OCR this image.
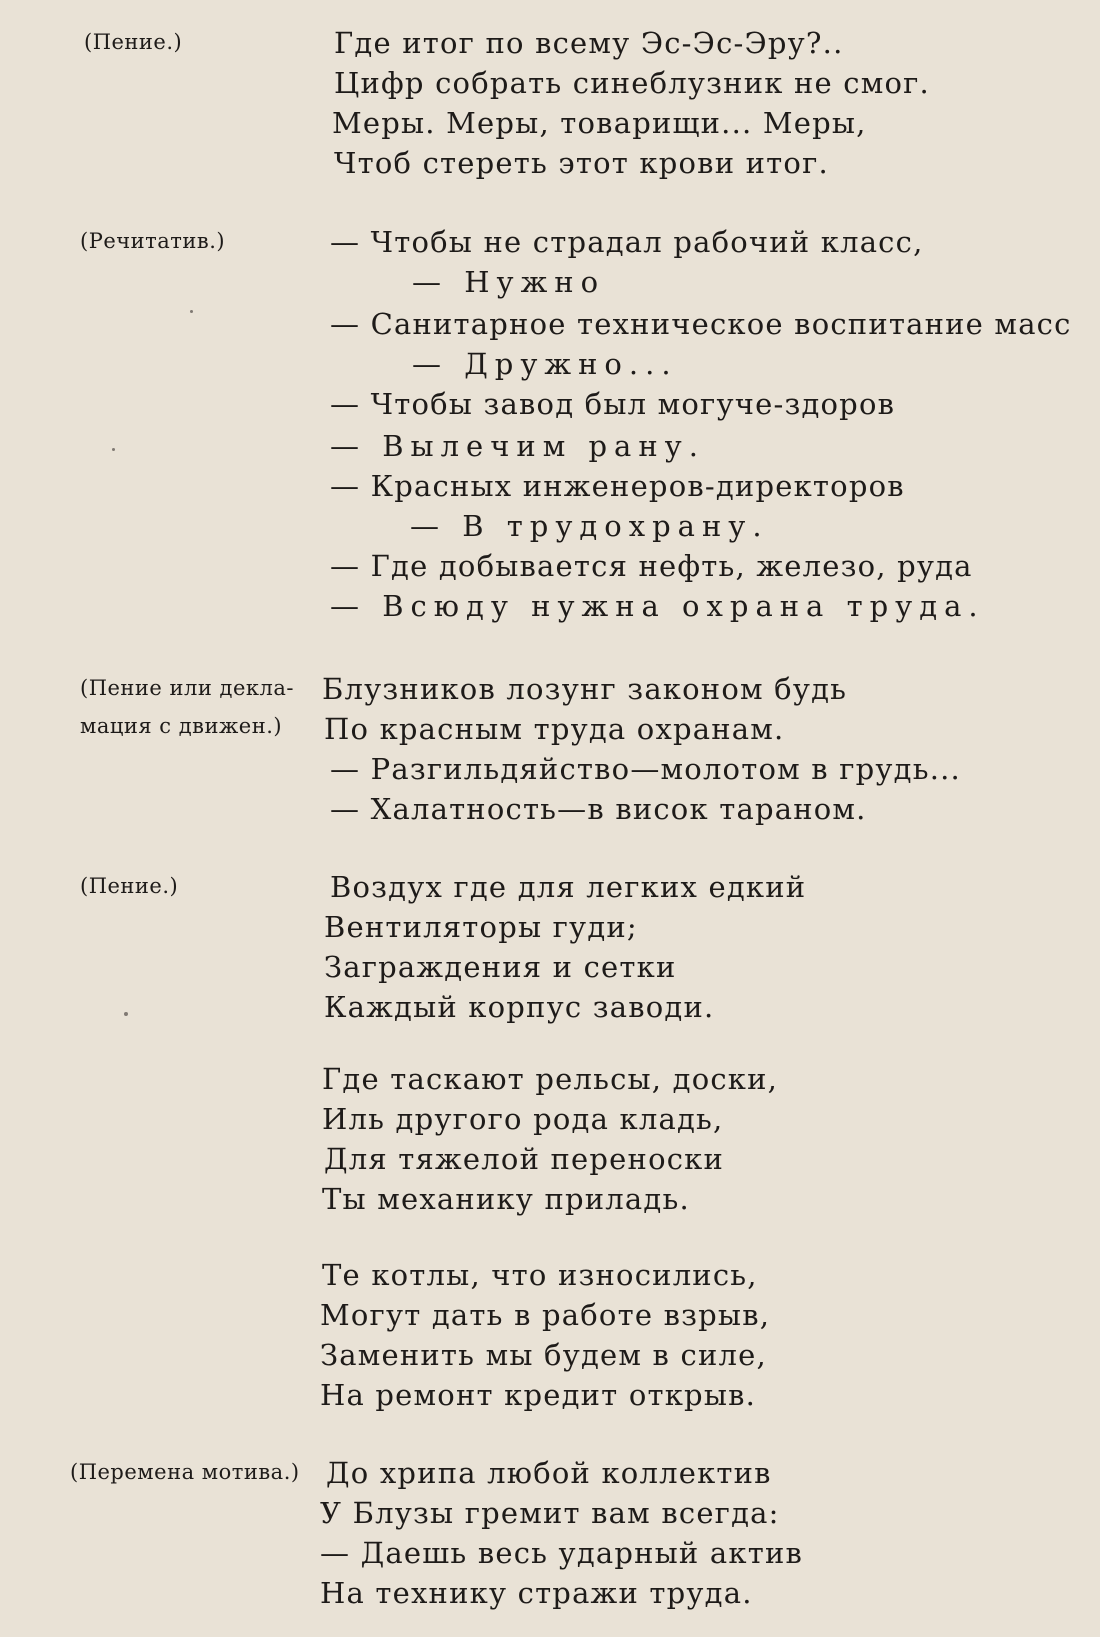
(Пение.)	Где итог по всему Эс-Эс-Эру?..
Цифр собрать синеблузник не смог.
Меры. Меры, товарищи... Меры,
Чтоб стереть этот крови итог.
(Речитатив.)	— Чтобы не страдал рабочий класс,
— Нужно
— Санитарное техническое воспитание масс
— Дружно...
— Чтобы завод был могуче-здоров
— Вылечим рану.
— Красных инженеров-директоров
— В трудохрану.
— Где добывается нефть, железо, руда
— Всюду нужна охрана труда.
(Пение или декла-
мация с движен.)
Блузников лозунг законом будь
По красным труда охранам.
— Разгильдяйство—молотом в грудь...
— Халатность—в висок тараном.
(Пение.)	Воздух где для легких едкий
Вентиляторы гуди;
Заграждения и сетки
Каждый корпус заводи.
Где таскают рельсы, доски,
Иль другого рода кладь,
Для тяжелой переноски
Ты механику приладь.
Те котлы, что износились,
Могут дать в работе взрыв,
Заменить мы будем в силе,
На ремонт кредит открыв.
(Перемена мотива.) До хрипа любой коллектив
У Блузы гремит вам всегда:
— Даешь весь ударный актив
На технику стражи труда.
